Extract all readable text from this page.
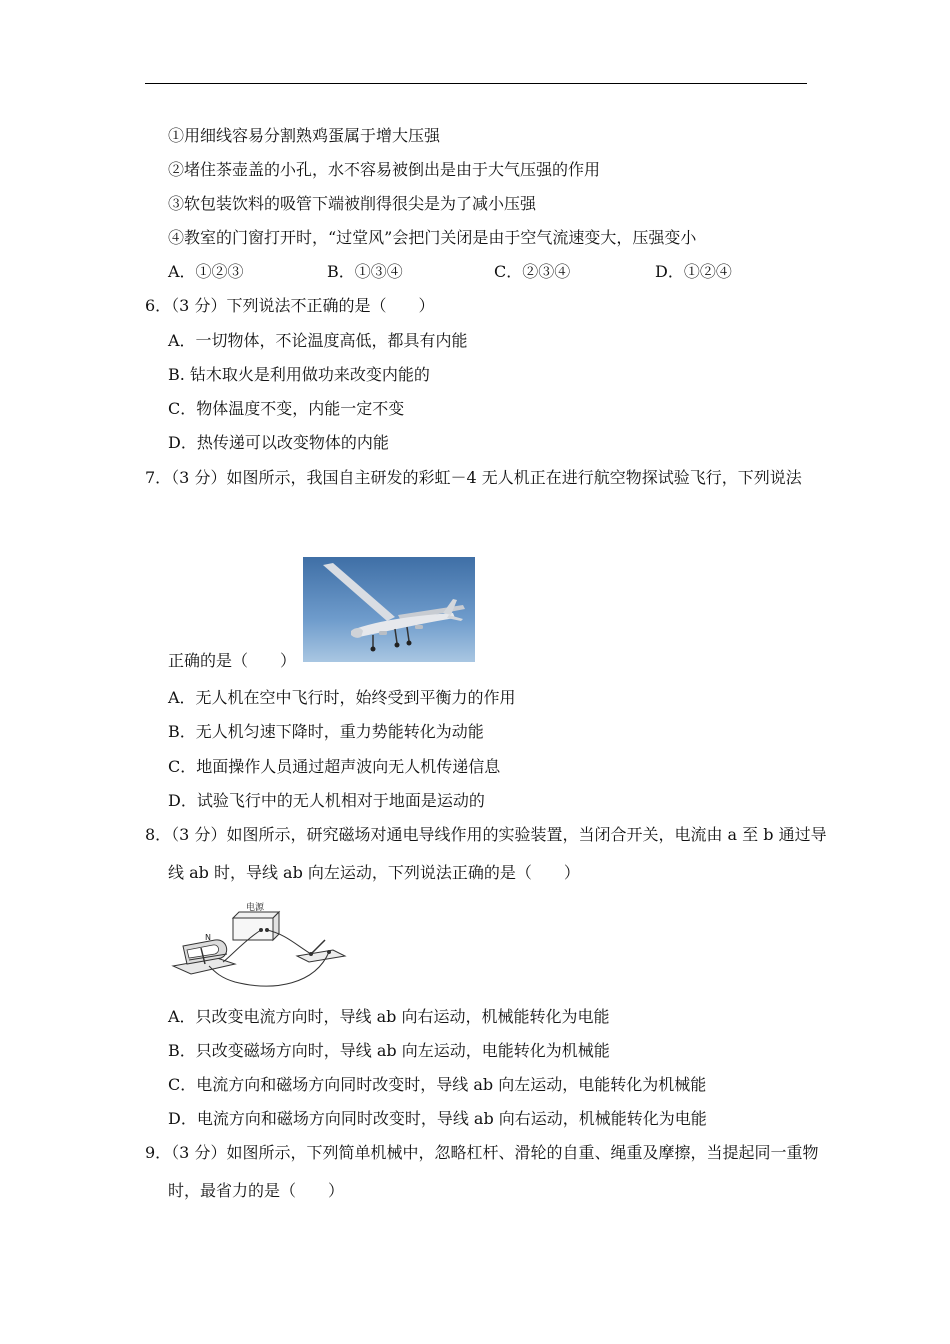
①用细线容易分割熟鸡蛋属于增大压强
②堵住茶壶盖的小孔，水不容易被倒出是由于大气压强的作用
③软包装饮料的吸管下端被削得很尖是为了减小压强
④教室的门窗打开时，“过堂风”会把门关闭是由于空气流速变大，压强变小
A．①②③	B．①③④	C．②③④	D．①②④
6．（3 分）下列说法不正确的是（　　）
A．一切物体，不论温度高低，都具有内能
B. 钻木取火是利用做功来改变内能的
C．物体温度不变，内能一定不变
D．热传递可以改变物体的内能
7．（3 分）如图所示，我国自主研发的彩虹－4 无人机正在进行航空物探试验飞行，下列说法
正确的是（　　）
A．无人机在空中飞行时，始终受到平衡力的作用
B．无人机匀速下降时，重力势能转化为动能
C．地面操作人员通过超声波向无人机传递信息
D．试验飞行中的无人机相对于地面是运动的
8．（3 分）如图所示，研究磁场对通电导线作用的实验装置，当闭合开关，电流由 a 至 b 通过导
线 ab 时，导线 ab 向左运动，下列说法正确的是（　　）
电源
N
A．只改变电流方向时，导线 ab 向右运动，机械能转化为电能
B．只改变磁场方向时，导线 ab 向左运动，电能转化为机械能
C．电流方向和磁场方向同时改变时，导线 ab 向左运动，电能转化为机械能
D．电流方向和磁场方向同时改变时，导线 ab 向右运动，机械能转化为电能
9．（3 分）如图所示，下列简单机械中，忽略杠杆、滑轮的自重、绳重及摩擦，当提起同一重物
时，最省力的是（　　）
